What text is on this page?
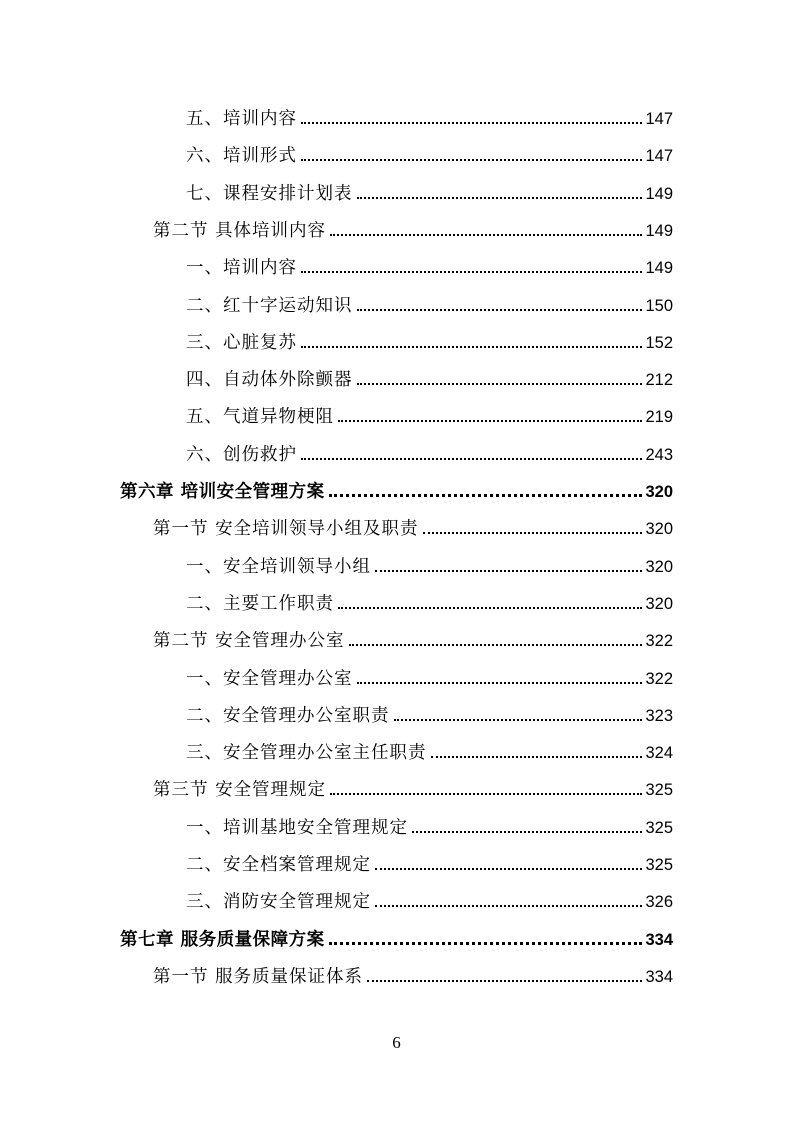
五、培训内容	147
六、培训形式	147
七、课程安排计划表	149
第二节 具体培训内容	149
一、培训内容	149
二、红十字运动知识	150
三、心脏复苏	152
四、自动体外除颤器	212
五、气道异物梗阻	219
六、创伤救护	243
第六章 培训安全管理方案	320
第一节 安全培训领导小组及职责	320
一、安全培训领导小组	320
二、主要工作职责	320
第二节 安全管理办公室	322
一、安全管理办公室	322
二、安全管理办公室职责	323
三、安全管理办公室主任职责	324
第三节 安全管理规定	325
一、培训基地安全管理规定	325
二、安全档案管理规定	325
三、消防安全管理规定	326
第七章 服务质量保障方案	334
第一节 服务质量保证体系	334
6
